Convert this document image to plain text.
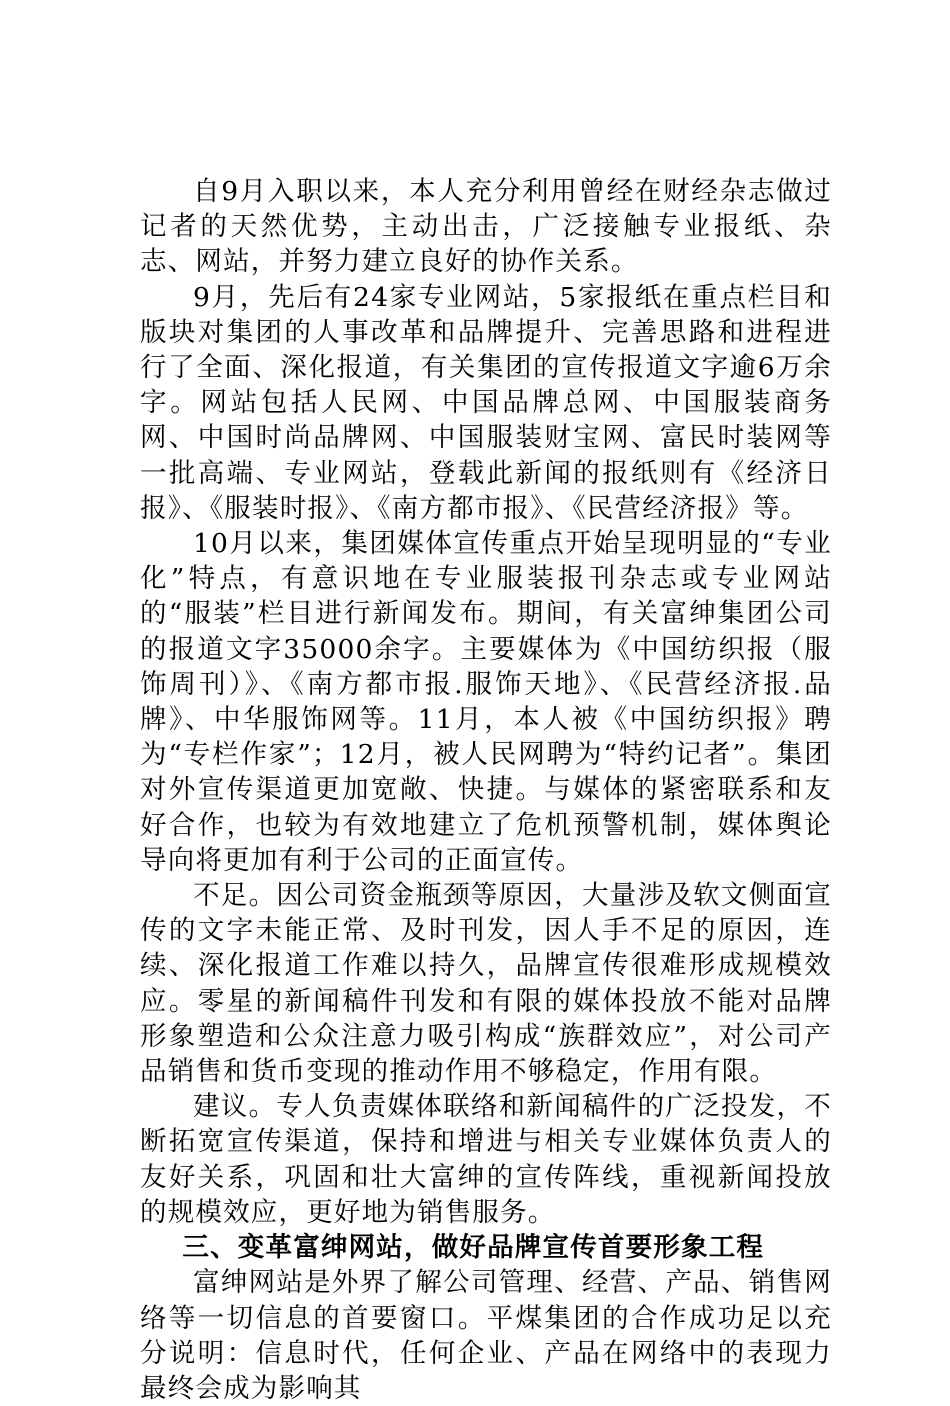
自9月入职以来，本人充分利用曾经在财经杂志做过记者的天然优势，主动出击，广泛接触专业报纸、杂志、网站，并努力建立良好的协作关系。

9月，先后有24家专业网站，5家报纸在重点栏目和版块对集团的人事改革和品牌提升、完善思路和进程进行了全面、深化报道，有关集团的宣传报道文字逾6万余字。网站包括人民网、中国品牌总网、中国服装商务网、中国时尚品牌网、中国服装财宝网、富民时装网等一批高端、专业网站，登载此新闻的报纸则有《经济日报》、《服装时报》、《南方都市报》、《民营经济报》等。

10月以来，集团媒体宣传重点开始呈现明显的“专业化”特点，有意识地在专业服装报刊杂志或专业网站的“服装”栏目进行新闻发布。期间，有关富绅集团公司的报道文字35000余字。主要媒体为《中国纺织报（服饰周刊）》、《南方都市报.服饰天地》、《民营经济报.品牌》、中华服饰网等。11月，本人被《中国纺织报》聘为“专栏作家”；12月，被人民网聘为“特约记者”。集团对外宣传渠道更加宽敞、快捷。与媒体的紧密联系和友好合作，也较为有效地建立了危机预警机制，媒体舆论导向将更加有利于公司的正面宣传。

不足。因公司资金瓶颈等原因，大量涉及软文侧面宣传的文字未能正常、及时刊发，因人手不足的原因，连续、深化报道工作难以持久，品牌宣传很难形成规模效应。零星的新闻稿件刊发和有限的媒体投放不能对品牌形象塑造和公众注意力吸引构成“族群效应”，对公司产品销售和货币变现的推动作用不够稳定，作用有限。

建议。专人负责媒体联络和新闻稿件的广泛投发，不断拓宽宣传渠道，保持和增进与相关专业媒体负责人的友好关系，巩固和壮大富绅的宣传阵线，重视新闻投放的规模效应，更好地为销售服务。

三、变革富绅网站，做好品牌宣传首要形象工程

富绅网站是外界了解公司管理、经营、产品、销售网络等一切信息的首要窗口。平煤集团的合作成功足以充分说明：信息时代，任何企业、产品在网络中的表现力最终会成为影响其
